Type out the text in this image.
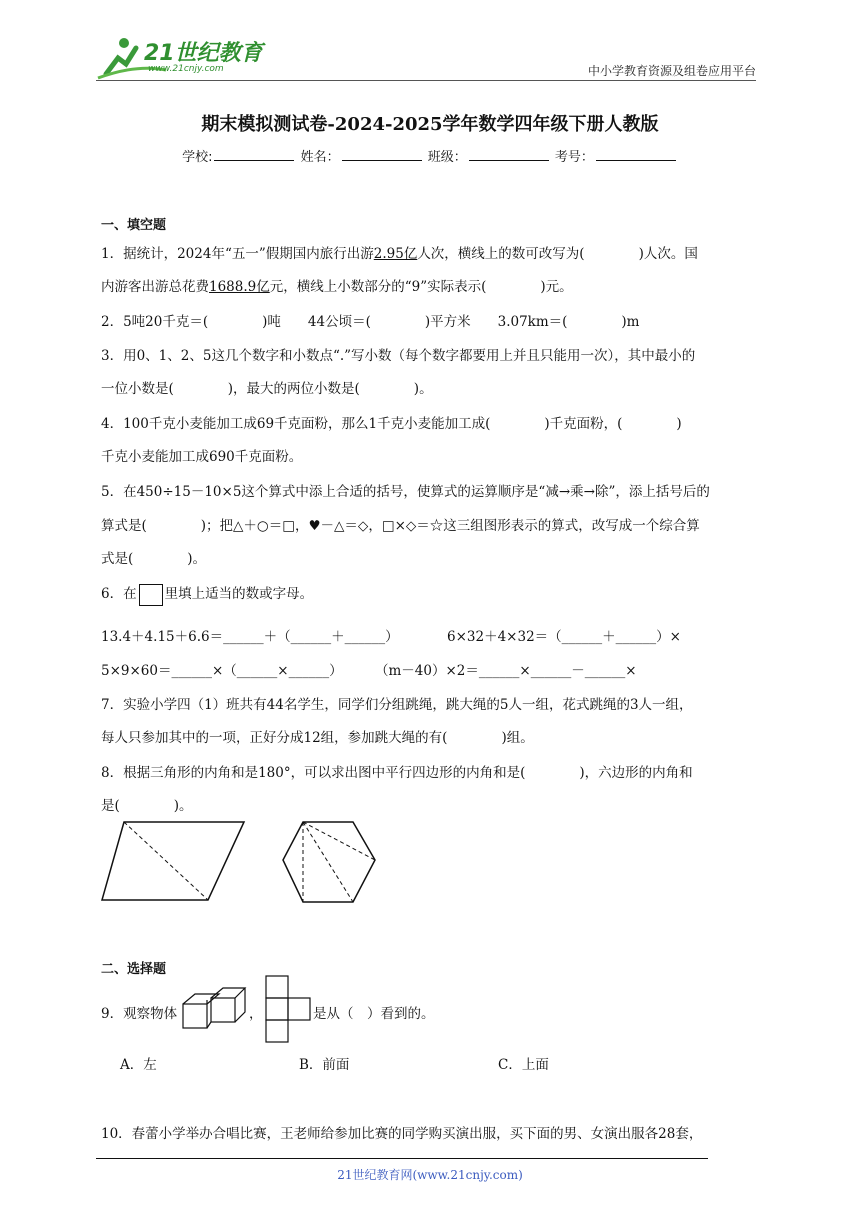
21世纪教育
www.21cnjy.com	中小学教育资源及组卷应用平台
期末模拟测试卷-2024-2025学年数学四年级下册人教版
学校:	姓名：	班级：	考号：
一、填空题
1．据统计，2024年“五一”假期国内旅行出游2.95亿人次，横线上的数可改写为(　　　　)人次。国
内游客出游总花费1688.9亿元，横线上小数部分的“9”实际表示(　　　　)元。
2．5吨20千克＝(　　　　)吨　　44公顷＝(　　　　)平方米　　3.07km＝(　　　　)m
3．用0、1、2、5这几个数字和小数点“.”写小数（每个数字都要用上并且只能用一次），其中最小的
一位小数是(　　　　)，最大的两位小数是(　　　　)。
4．100千克小麦能加工成69千克面粉，那么1千克小麦能加工成(　　　　)千克面粉，(　　　　)
千克小麦能加工成690千克面粉。
5．在450÷15－10×5这个算式中添上合适的括号，使算式的运算顺序是“减→乘→除”，添上括号后的
算式是(　　　　)；把△＋○＝□，♥－△＝◇，□×◇＝☆这三组图形表示的算式，改写成一个综合算
式是(　　　　)。
6．在 里填上适当的数或字母。
13.4＋4.15＋6.6＝______＋（______＋______）	6×32＋4×32＝（______＋______）×
5×9×60＝______×（______×______）	（m－40）×2＝______×______－______×
7．实验小学四（1）班共有44名学生，同学们分组跳绳，跳大绳的5人一组，花式跳绳的3人一组，
每人只参加其中的一项，正好分成12组，参加跳大绳的有(　　　　)组。
8．根据三角形的内角和是180°，可以求出图中平行四边形的内角和是(　　　　)，六边形的内角和
是(　　　　)。
二、选择题
9．观察物体	，	是从（　）看到的。
A．左	B．前面	C．上面
10．春蕾小学举办合唱比赛，王老师给参加比赛的同学购买演出服，买下面的男、女演出服各28套，
21世纪教育网(www.21cnjy.com)
